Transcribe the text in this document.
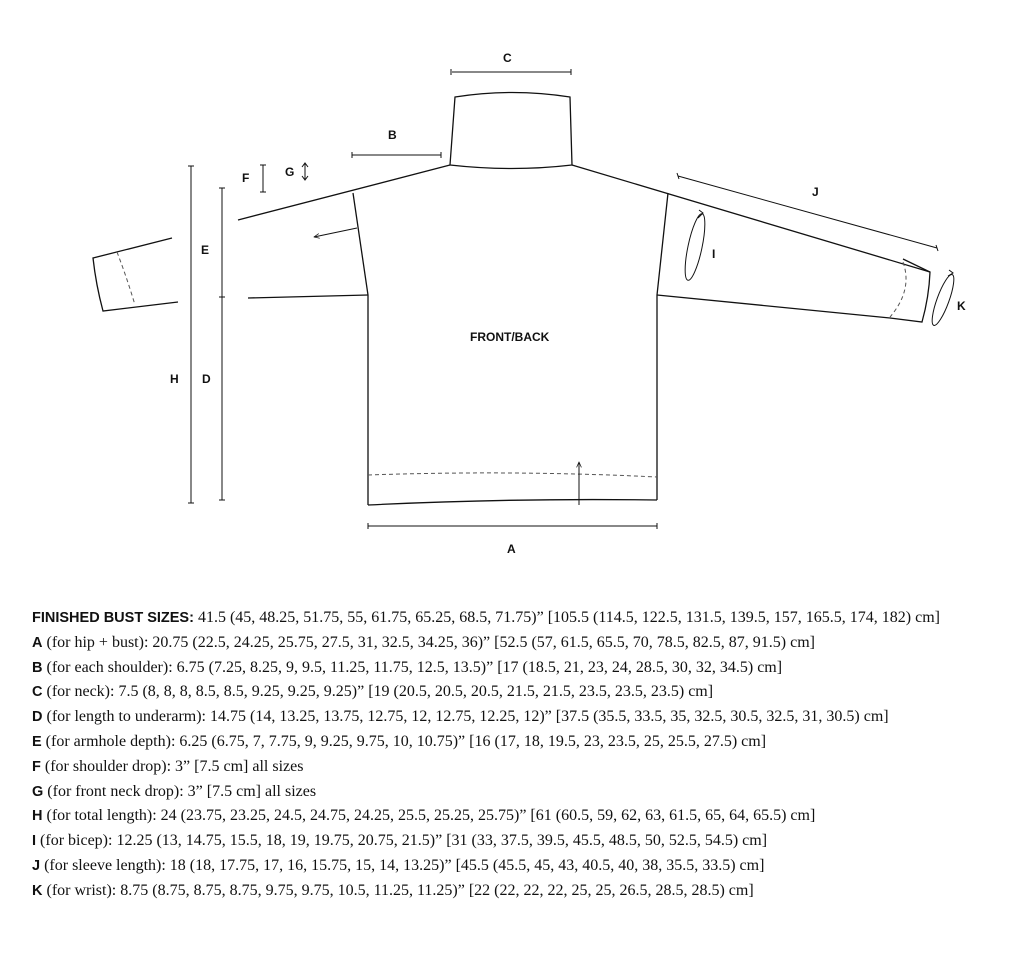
C
B
F	G
E
H D
J
I
K
A
FRONT/BACK

FINISHED BUST SIZES: 41.5 (45, 48.25, 51.75, 55, 61.75, 65.25, 68.5, 71.75)” [105.5 (114.5, 122.5, 131.5, 139.5, 157, 165.5, 174, 182) cm]

A (for hip + bust): 20.75 (22.5, 24.25, 25.75, 27.5, 31, 32.5, 34.25, 36)” [52.5 (57, 61.5, 65.5, 70, 78.5, 82.5, 87, 91.5) cm]

B (for each shoulder): 6.75 (7.25, 8.25, 9, 9.5, 11.25, 11.75, 12.5, 13.5)” [17 (18.5, 21, 23, 24, 28.5, 30, 32, 34.5) cm]

C (for neck): 7.5 (8, 8, 8, 8.5, 8.5, 9.25, 9.25, 9.25)” [19 (20.5, 20.5, 20.5, 21.5, 21.5, 23.5, 23.5, 23.5) cm]

D (for length to underarm): 14.75 (14, 13.25, 13.75, 12.75, 12, 12.75, 12.25, 12)” [37.5 (35.5, 33.5, 35, 32.5, 30.5, 32.5, 31, 30.5) cm]

E (for armhole depth): 6.25 (6.75, 7, 7.75, 9, 9.25, 9.75, 10, 10.75)” [16 (17, 18, 19.5, 23, 23.5, 25, 25.5, 27.5) cm]

F (for shoulder drop): 3” [7.5 cm] all sizes

G (for front neck drop): 3” [7.5 cm] all sizes

H (for total length): 24 (23.75, 23.25, 24.5, 24.75, 24.25, 25.5, 25.25, 25.75)” [61 (60.5, 59, 62, 63, 61.5, 65, 64, 65.5) cm]

I (for bicep): 12.25 (13, 14.75, 15.5, 18, 19, 19.75, 20.75, 21.5)” [31 (33, 37.5, 39.5, 45.5, 48.5, 50, 52.5, 54.5) cm]

J (for sleeve length): 18 (18, 17.75, 17, 16, 15.75, 15, 14, 13.25)” [45.5 (45.5, 45, 43, 40.5, 40, 38, 35.5, 33.5) cm]

K (for wrist): 8.75 (8.75, 8.75, 8.75, 9.75, 9.75, 10.5, 11.25, 11.25)” [22 (22, 22, 22, 25, 25, 26.5, 28.5, 28.5) cm]
